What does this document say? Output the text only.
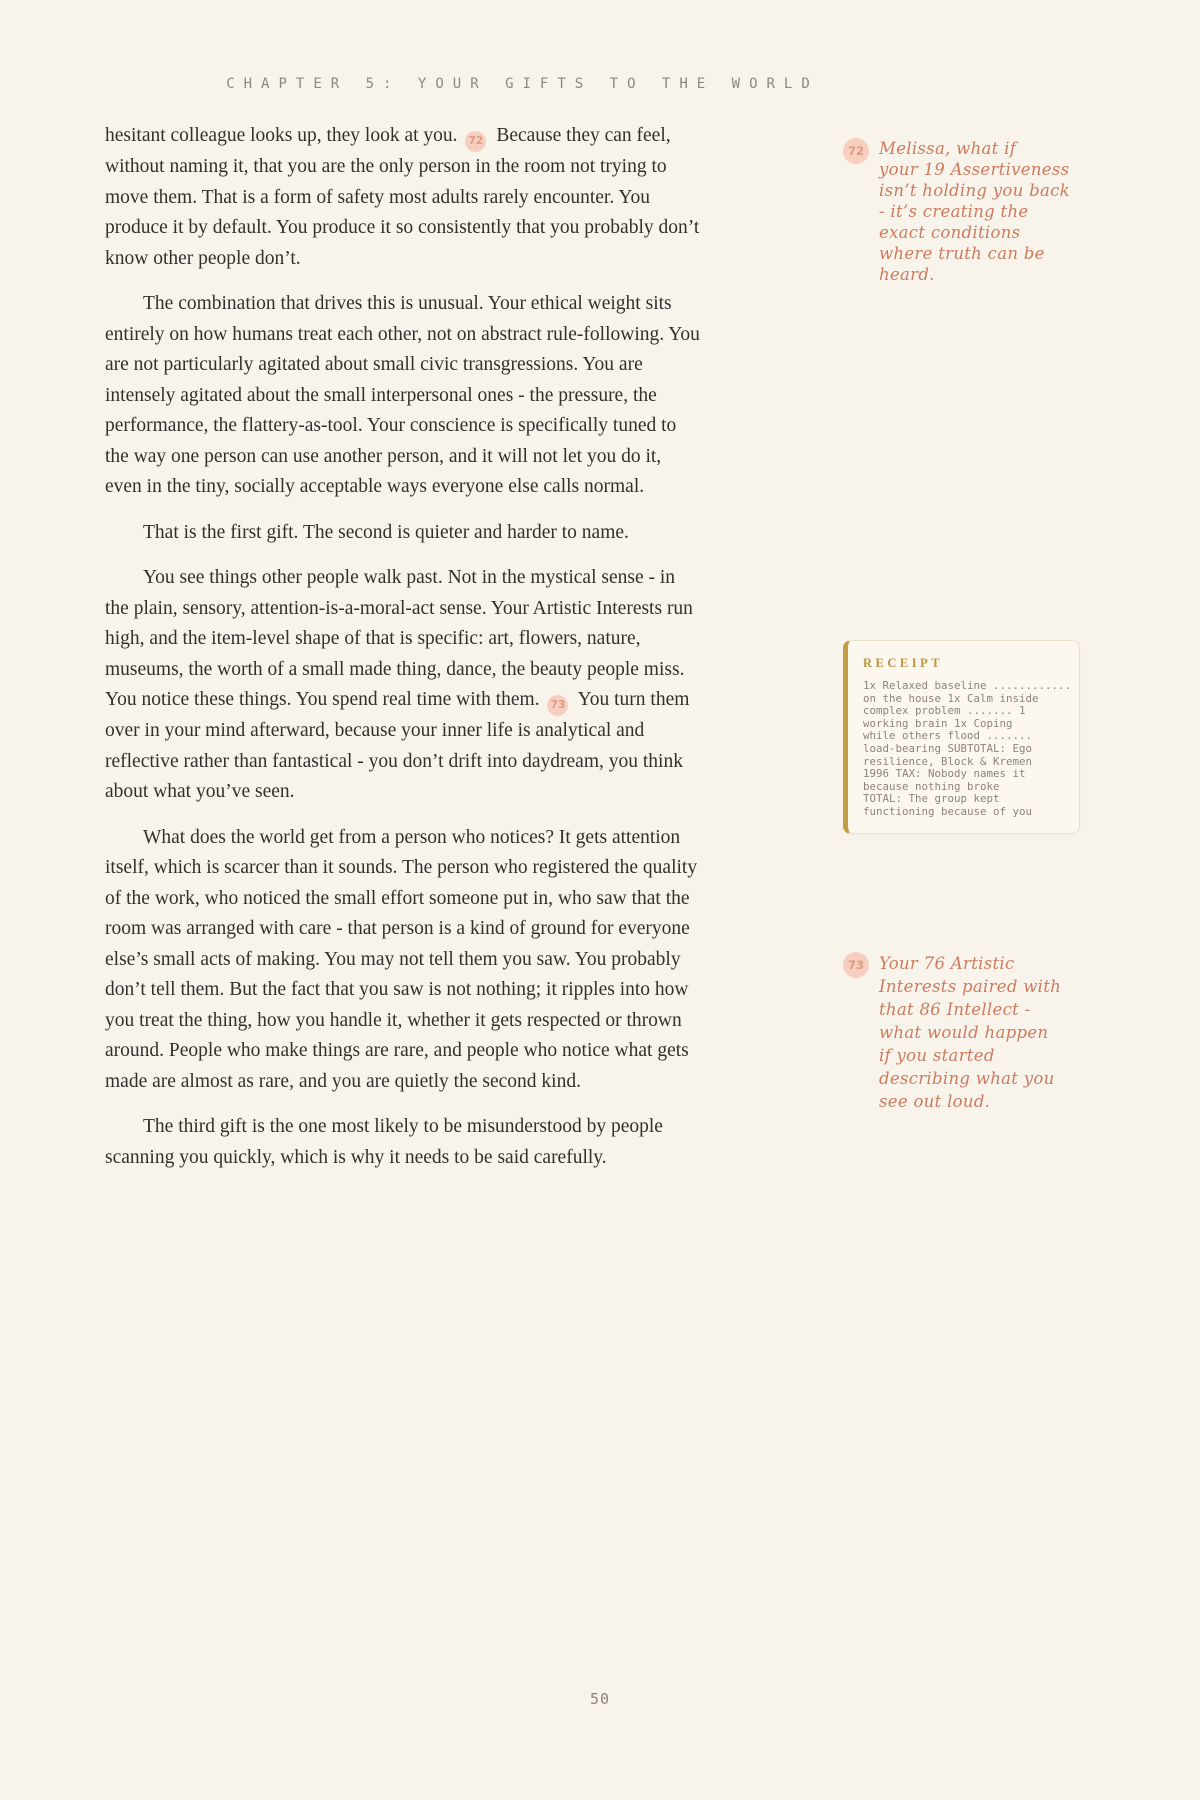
CHAPTER 5: YOUR GIFTS TO THE WORLD

hesitant colleague looks up, they look at you. 72 Because they can feel, without naming it, that you are the only person in the room not trying to move them. That is a form of safety most adults rarely encounter. You produce it by default. You produce it so consistently that you probably don’t know other people don’t.

The combination that drives this is unusual. Your ethical weight sits entirely on how humans treat each other, not on abstract rule-following. You are not particularly agitated about small civic transgressions. You are intensely agitated about the small interpersonal ones - the pressure, the performance, the flattery-as-tool. Your conscience is specifically tuned to the way one person can use another person, and it will not let you do it, even in the tiny, socially acceptable ways everyone else calls normal.

That is the first gift. The second is quieter and harder to name.

You see things other people walk past. Not in the mystical sense - in the plain, sensory, attention-is-a-moral-act sense. Your Artistic Interests run high, and the item-level shape of that is specific: art, flowers, nature, museums, the worth of a small made thing, dance, the beauty people miss. You notice these things. You spend real time with them. 73 You turn them over in your mind afterward, because your inner life is analytical and reflective rather than fantastical - you don’t drift into daydream, you think about what you’ve seen.

What does the world get from a person who notices? It gets attention itself, which is scarcer than it sounds. The person who registered the quality of the work, who noticed the small effort someone put in, who saw that the room was arranged with care - that person is a kind of ground for everyone else’s small acts of making. You may not tell them you saw. You probably don’t tell them. But the fact that you saw is not nothing; it ripples into how you treat the thing, how you handle it, whether it gets respected or thrown around. People who make things are rare, and people who notice what gets made are almost as rare, and you are quietly the second kind.

The third gift is the one most likely to be misunderstood by people scanning you quickly, which is why it needs to be said carefully.

72 Melissa, what if
your 19 Assertiveness
isn’t holding you back
- it’s creating the
exact conditions
where truth can be
heard.
RECEIPT
1x Relaxed baseline ............
on the house 1x Calm inside
complex problem ....... 1
working brain 1x Coping
while others flood .......
load-bearing SUBTOTAL: Ego
resilience, Block & Kremen
1996 TAX: Nobody names it
because nothing broke
TOTAL: The group kept
functioning because of you
73 Your 76 Artistic
Interests paired with
that 86 Intellect -
what would happen
if you started
describing what you
see out loud.
50
